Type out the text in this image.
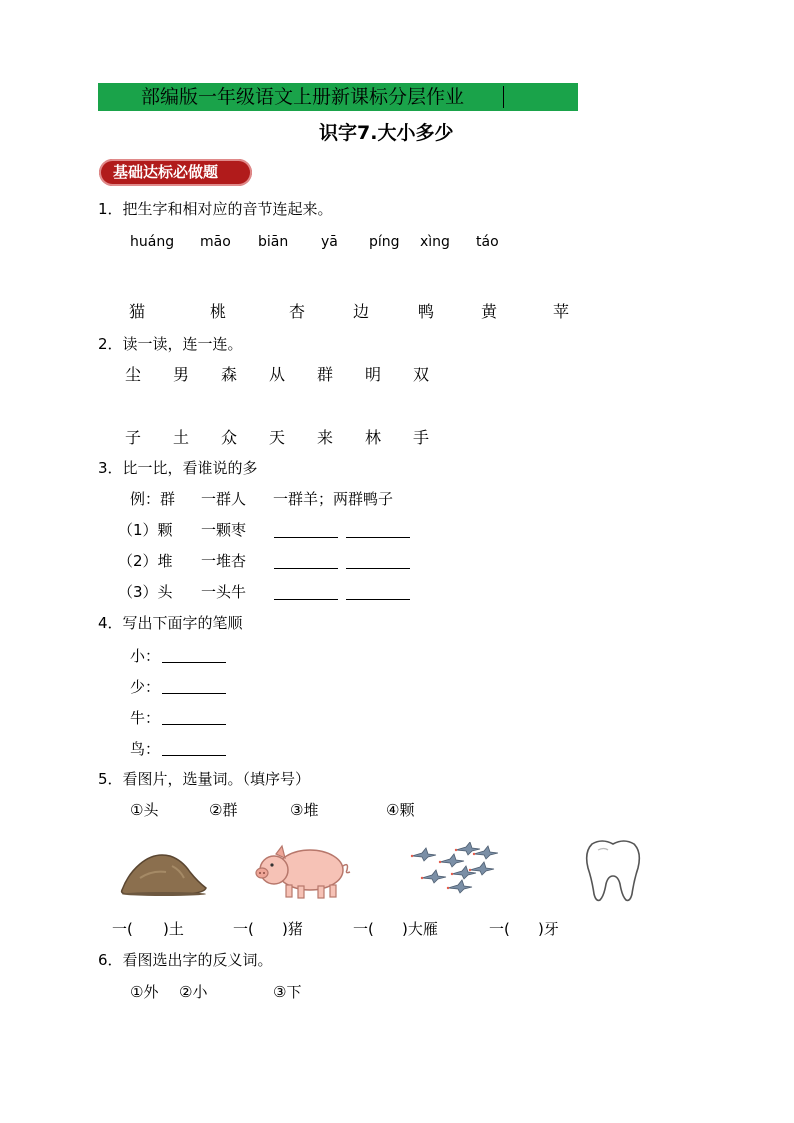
部编版一年级语文上册新课标分层作业
识字7.大小多少
基础达标必做题
1．把生字和相对应的音节连起来。
huáng māo biān yā píng xìng táo
猫	桃	杏	边	鸭	黄	苹
2．读一读，连一连。
尘 男 森 从 群 明 双
子 土 众 天 来 林 手
3．比一比，看谁说的多
例：群 一群人 一群羊；两群鸭子
（1）颗 一颗枣
（2）堆 一堆杏
（3）头 一头牛
4．写出下面字的笔顺
小：
少：
牛：
鸟：
5．看图片，选量词。（填序号）
①头	②群	③堆	④颗
一( )土	一( )猪	一( )大雁	一( )牙
6．看图选出字的反义词。
①外 ②小	③下
